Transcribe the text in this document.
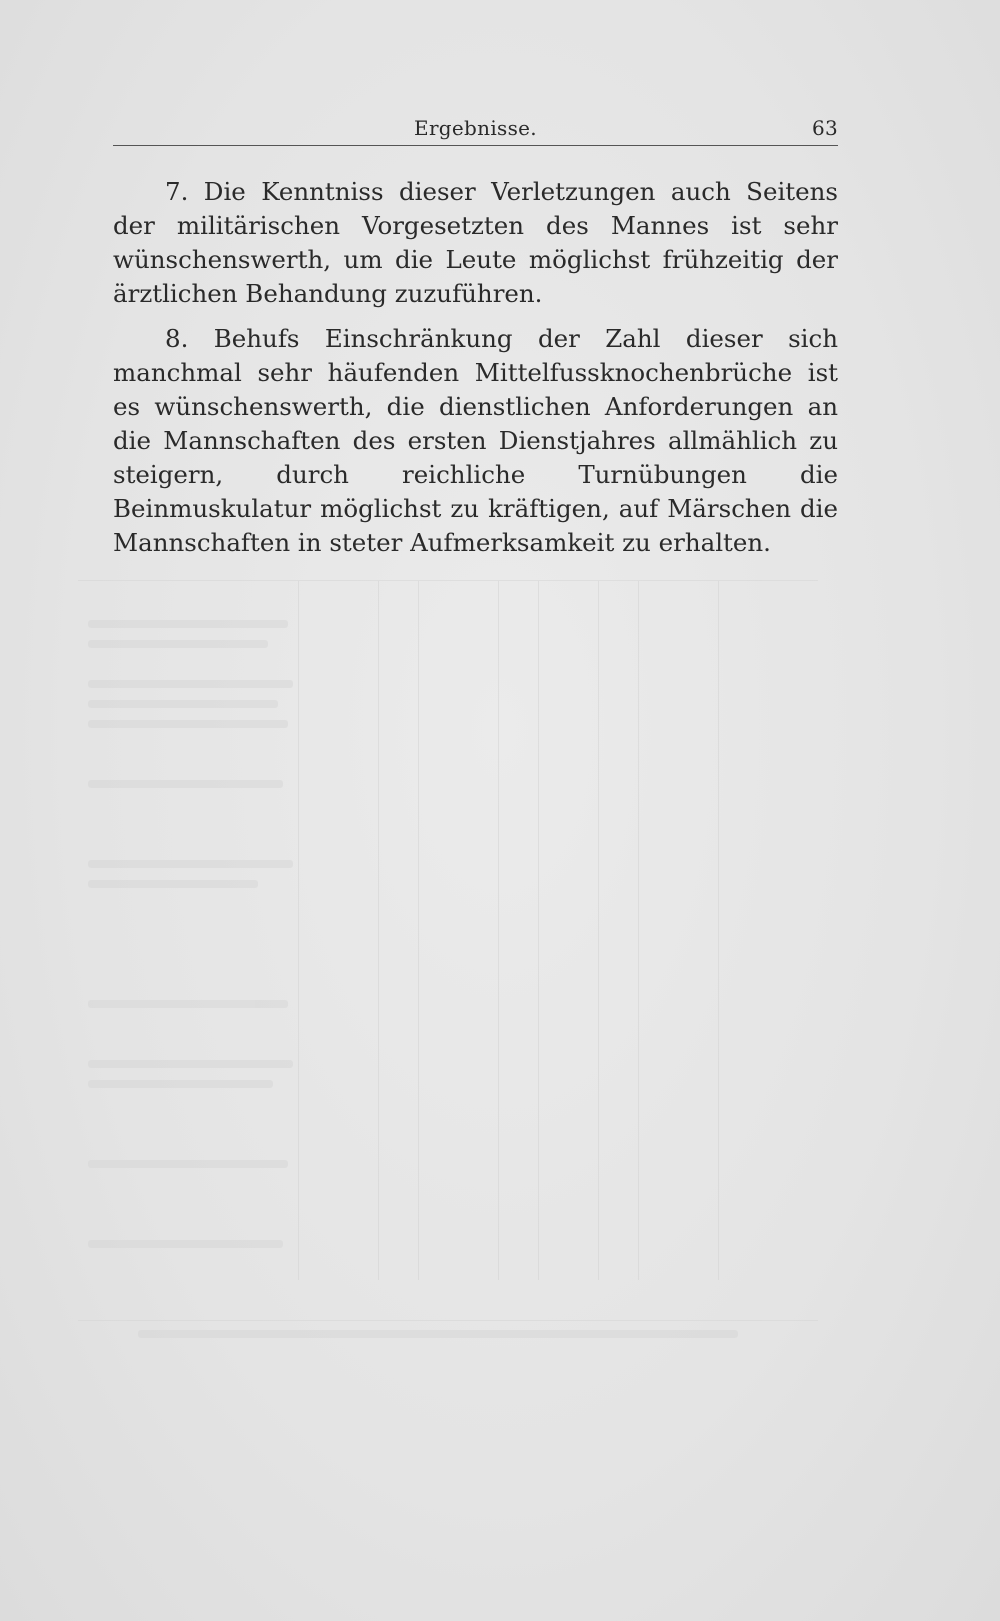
Ergebnisse.	63

7. Die Kenntniss dieser Verletzungen auch Seitens der militärischen Vorgesetzten des Mannes ist sehr wünschenswerth, um die Leute möglichst frühzeitig der ärztlichen Behandung zuzuführen.

8. Behufs Einschränkung der Zahl dieser sich manchmal sehr häufenden Mittelfussknochenbrüche ist es wünschenswerth, die dienstlichen Anforderungen an die Mannschaften des ersten Dienstjahres allmählich zu steigern, durch reichliche Turnübungen die Beinmuskulatur möglichst zu kräftigen, auf Märschen die Mannschaften in steter Aufmerksamkeit zu erhalten.
